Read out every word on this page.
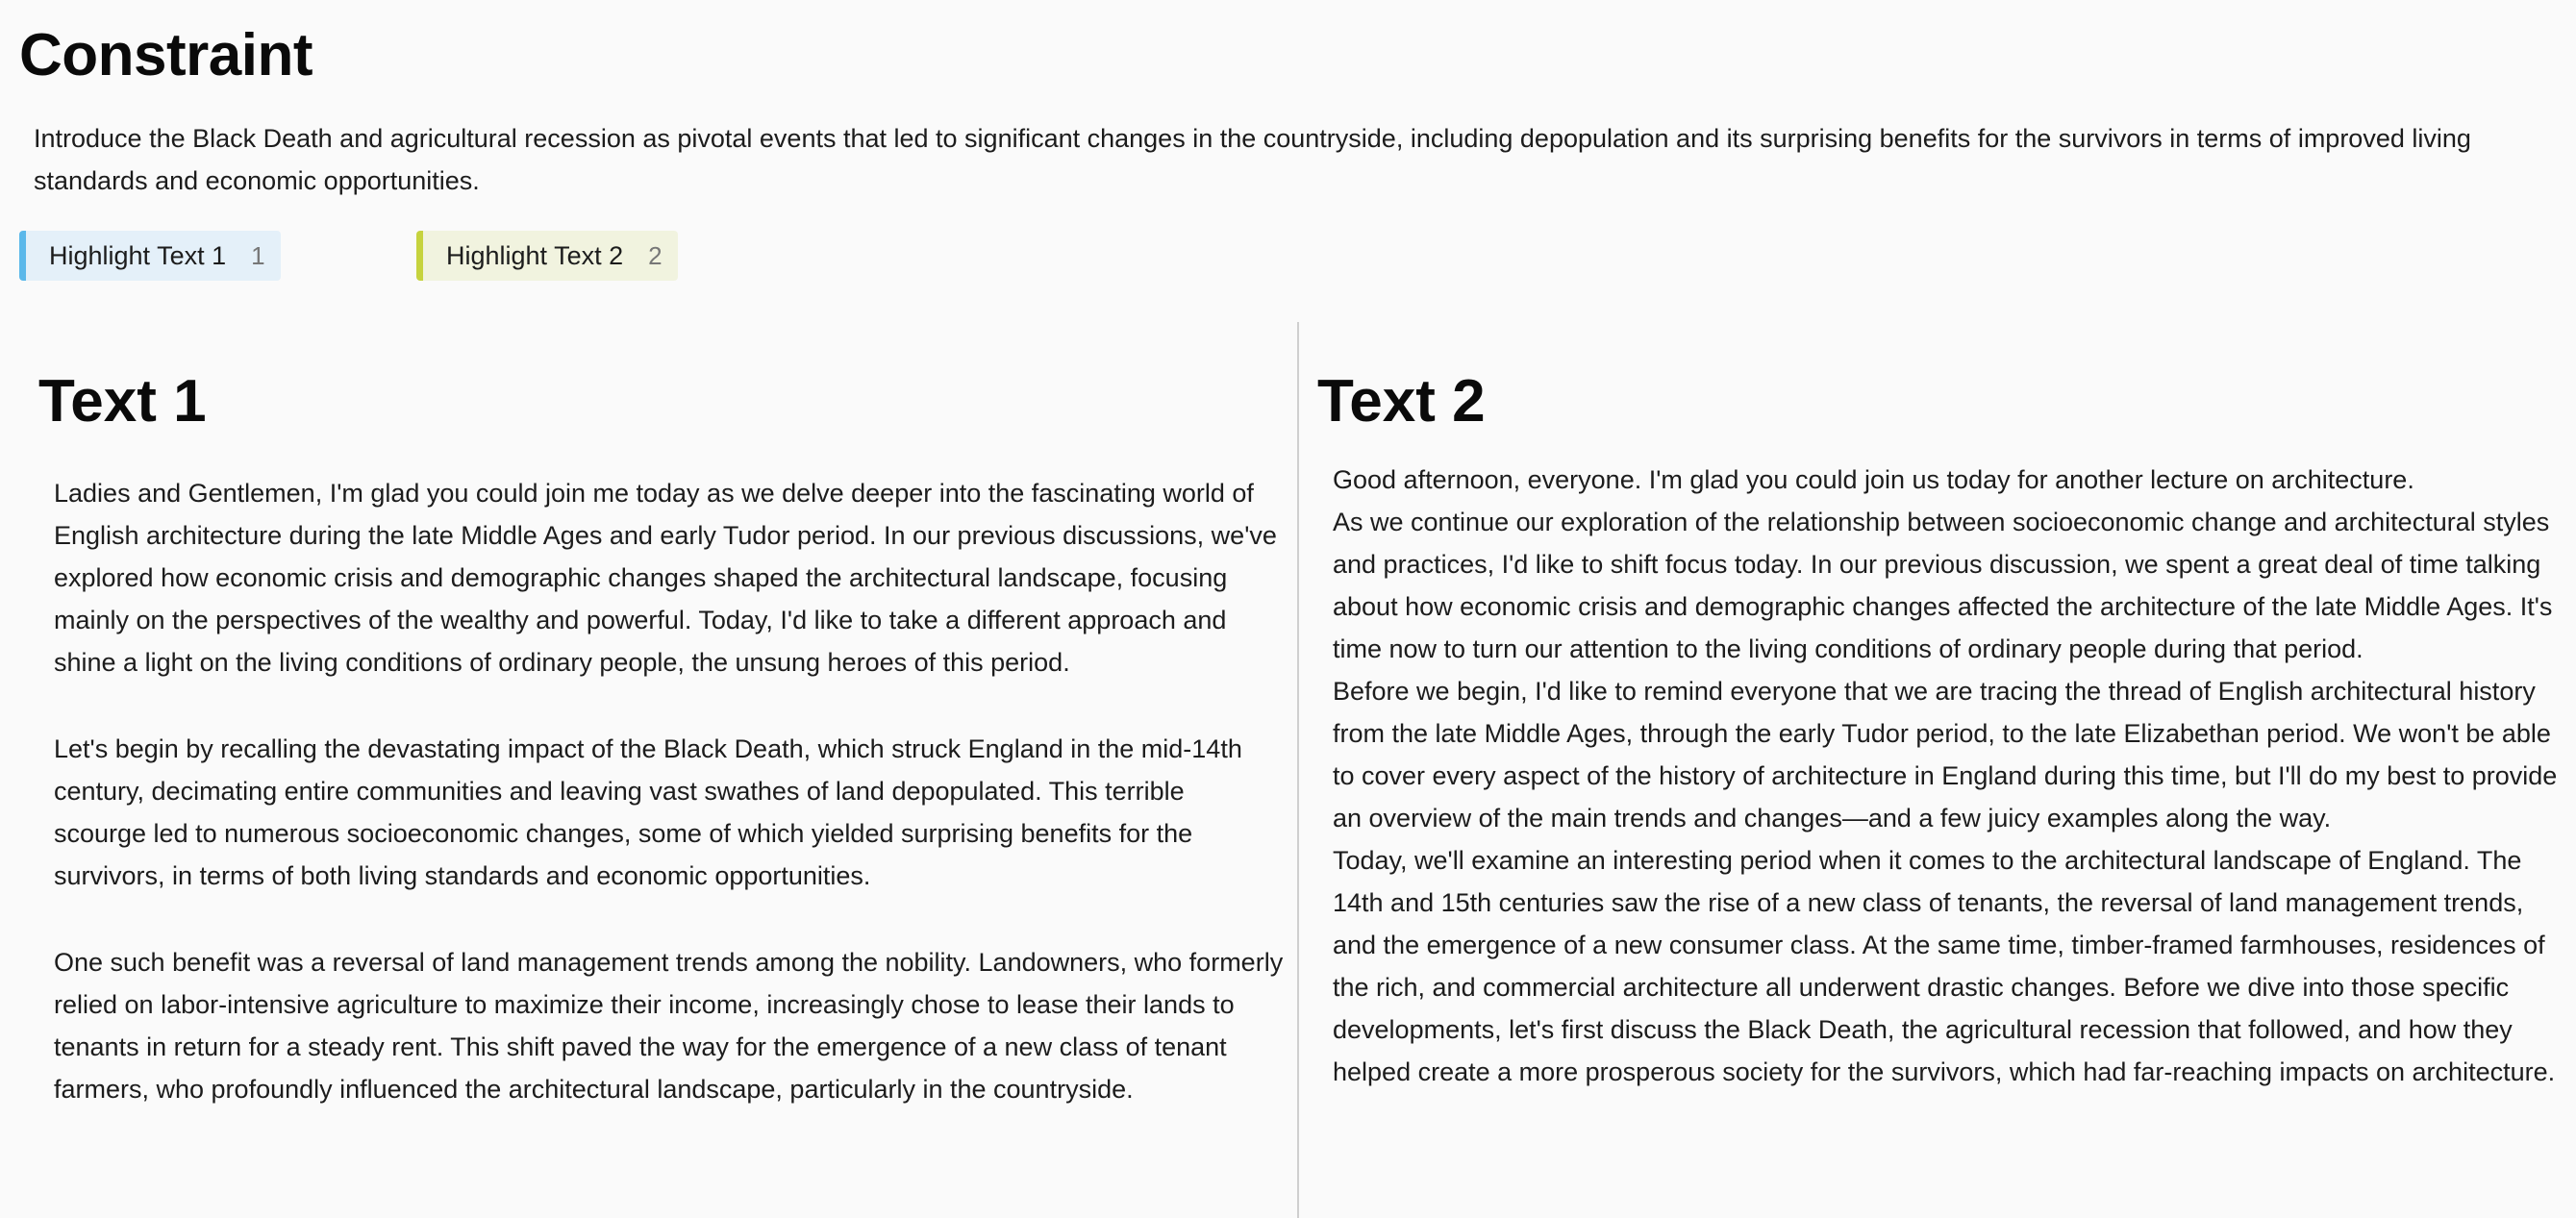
Constraint

Introduce the Black Death and agricultural recession as pivotal events that led to significant changes in the countryside, including depopulation and its surprising benefits for the survivors in terms of improved living standards and economic opportunities.

Highlight Text 1 1	Highlight Text 2 2
Text 1

Ladies and Gentlemen, I'm glad you could join me today as we delve deeper into the fascinating world of English architecture during the late Middle Ages and early Tudor period. In our previous discussions, we've explored how economic crisis and demographic changes shaped the architectural landscape, focusing mainly on the perspectives of the wealthy and powerful. Today, I'd like to take a different approach and shine a light on the living conditions of ordinary people, the unsung heroes of this period.

Let's begin by recalling the devastating impact of the Black Death, which struck England in the mid-14th century, decimating entire communities and leaving vast swathes of land depopulated. This terrible scourge led to numerous socioeconomic changes, some of which yielded surprising benefits for the survivors, in terms of both living standards and economic opportunities.

One such benefit was a reversal of land management trends among the nobility. Landowners, who formerly relied on labor-intensive agriculture to maximize their income, increasingly chose to lease their lands to tenants in return for a steady rent. This shift paved the way for the emergence of a new class of tenant farmers, who profoundly influenced the architectural landscape, particularly in the countryside.

Text 2

Good afternoon, everyone. I'm glad you could join us today for another lecture on architecture.

As we continue our exploration of the relationship between socioeconomic change and architectural styles and practices, I'd like to shift focus today. In our previous discussion, we spent a great deal of time talking about how economic crisis and demographic changes affected the architecture of the late Middle Ages. It's time now to turn our attention to the living conditions of ordinary people during that period.

Before we begin, I'd like to remind everyone that we are tracing the thread of English architectural history from the late Middle Ages, through the early Tudor period, to the late Elizabethan period. We won't be able to cover every aspect of the history of architecture in England during this time, but I'll do my best to provide an overview of the main trends and changes—and a few juicy examples along the way.

Today, we'll examine an interesting period when it comes to the architectural landscape of England. The 14th and 15th centuries saw the rise of a new class of tenants, the reversal of land management trends, and the emergence of a new consumer class. At the same time, timber-framed farmhouses, residences of the rich, and commercial architecture all underwent drastic changes. Before we dive into those specific developments, let's first discuss the Black Death, the agricultural recession that followed, and how they helped create a more prosperous society for the survivors, which had far-reaching impacts on architecture.
